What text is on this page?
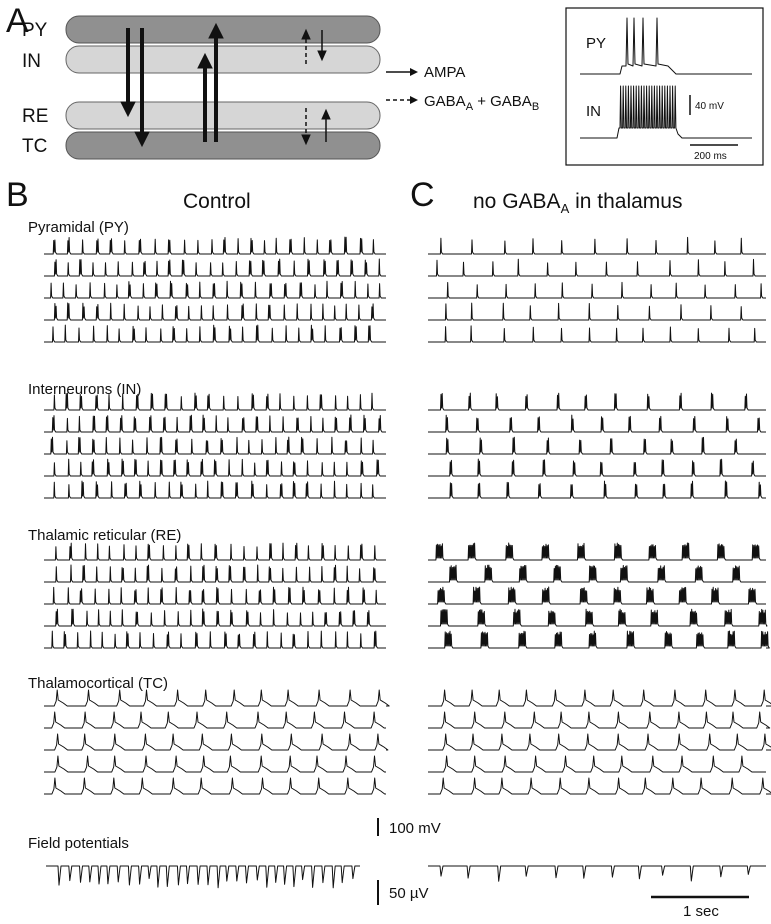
A
PY
IN
RE
TC
AMPA
$GABA_A$ + $GABA_B$
PY
IN	40 mV
200 ms
B	C
Control	no $GABA_A$ in thalamus
Pyramidal (PY)
Interneurons (IN)
Thalamic reticular (RE)
Thalamocortical (TC)
100 mV
Field potentials
50 µV
1 sec
